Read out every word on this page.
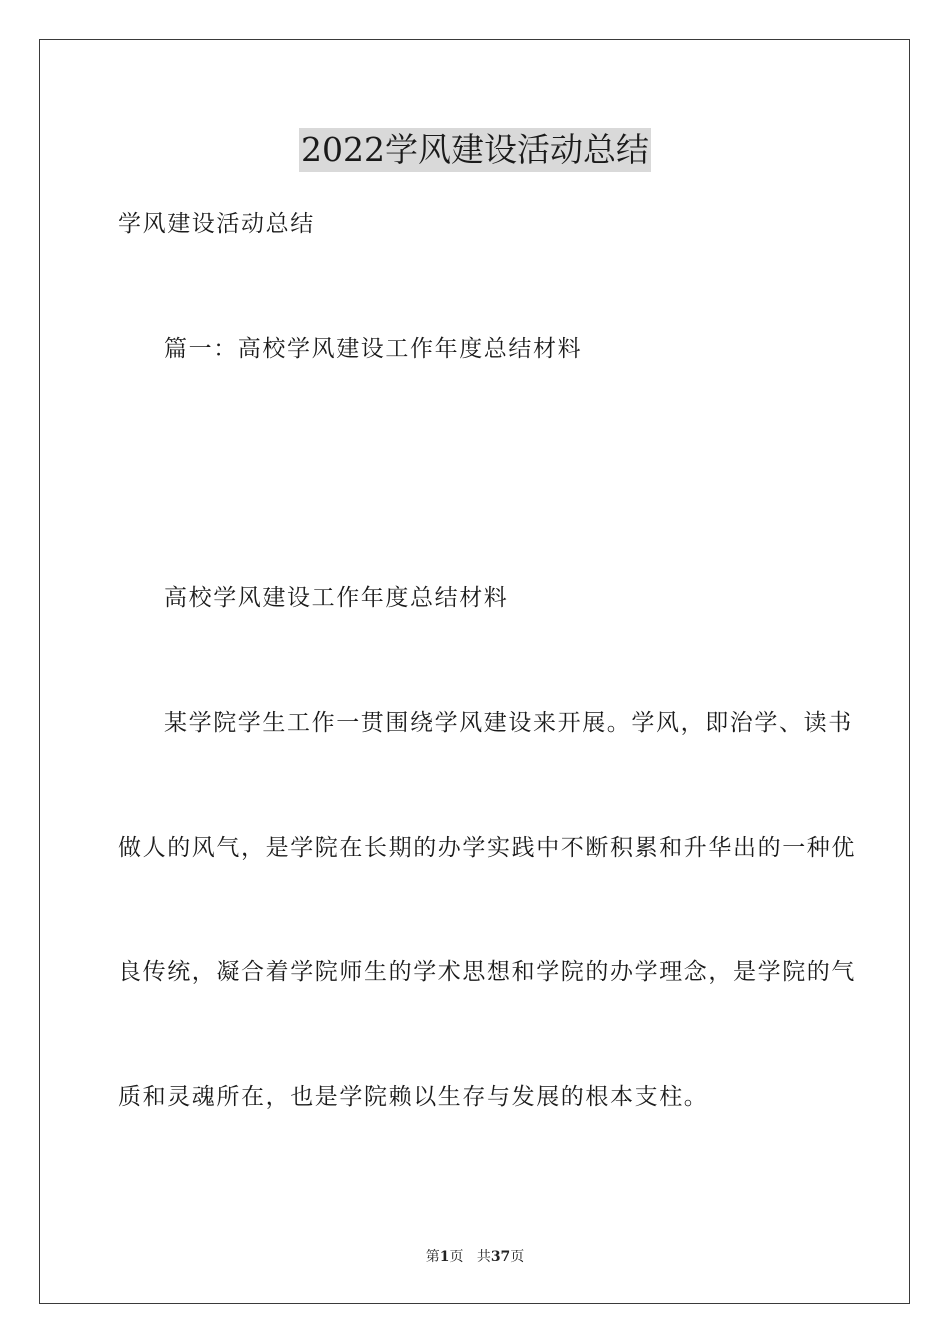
2022学风建设活动总结

学风建设活动总结

篇一：高校学风建设工作年度总结材料

高校学风建设工作年度总结材料

某学院学生工作一贯围绕学风建设来开展。学风，即治学、读书

做人的风气，是学院在长期的办学实践中不断积累和升华出的一种优

良传统，凝合着学院师生的学术思想和学院的办学理念，是学院的气

质和灵魂所在，也是学院赖以生存与发展的根本支柱。

第1页 共37页
